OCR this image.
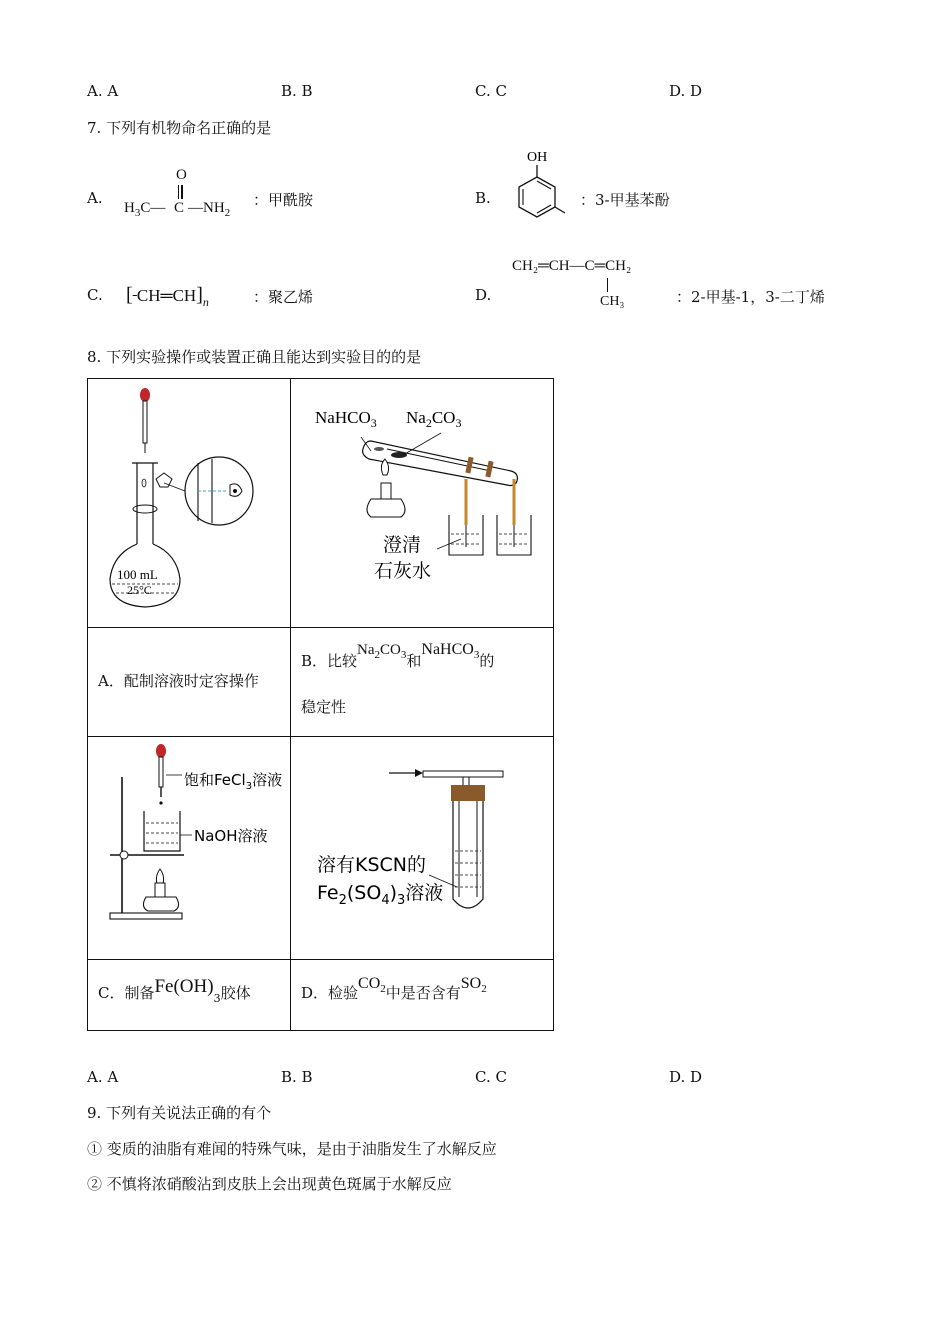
A. A	B. B	C. C	D. D
7. 下列有机物命名正确的是
A.
O
$H_3C—$ C $—NH_2$
：甲酰胺	B.
OH
：3-甲基苯酚
C. [ $CH═CH]_n$	：聚乙烯	D.
CH₂═CH—C═CH₂
CH₃	：2-甲基-1，3-二丁烯
8. 下列实验操作或装置正确且能达到实验目的的是
100 mL
25°C	NaHCO$_3$ $Na_2CO_3$
澄清
石灰水

A．配制溶液时定容操作	B．比较$Na_2CO_3$和NaHCO$_3$的
稳定性

饱和FeCl$_3$溶液
NaOH溶液	溶有KSCN的
$Fe_2(SO_4)_3$溶液

C．制备$Fe(OH)_3$胶体	D．检验$CO_2$中是否含有$SO_2$
A. A	B. B	C. C	D. D
9. 下列有关说法正确的有个
① 变质的油脂有难闻的特殊气味，是由于油脂发生了水解反应
② 不慎将浓硝酸沾到皮肤上会出现黄色斑属于水解反应
